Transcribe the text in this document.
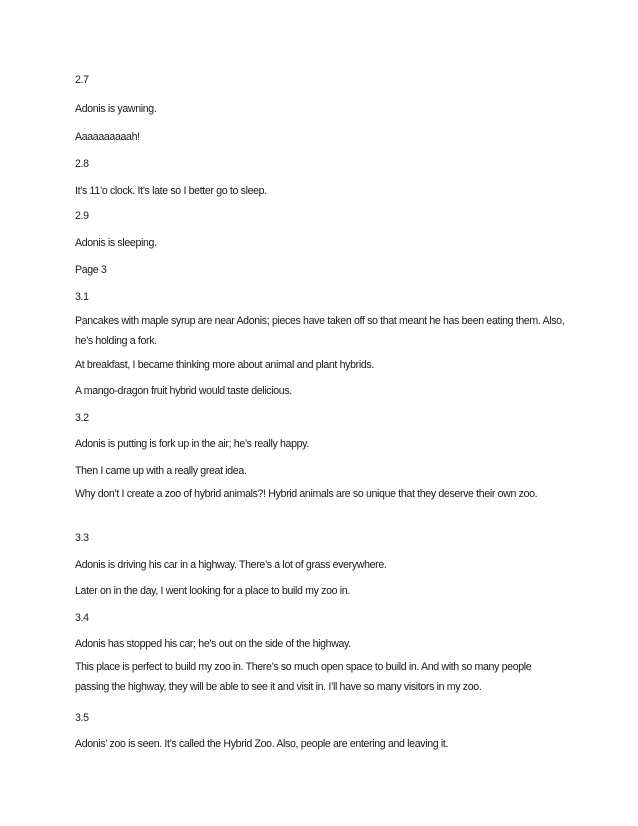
2.7
Adonis is yawning.
Aaaaaaaaaah!
2.8
It’s 11’o clock. It’s late so I better go to sleep.
2.9
Adonis is sleeping.
Page 3
3.1
Pancakes with maple syrup are near Adonis; pieces have taken off so that meant he has been eating them. Also, he’s holding a fork.
At breakfast, I became thinking more about animal and plant hybrids.
A mango-dragon fruit hybrid would taste delicious.
3.2
Adonis is putting is fork up in the air; he’s really happy.
Then I came up with a really great idea.
Why don’t I create a zoo of hybrid animals?! Hybrid animals are so unique that they deserve their own zoo.
3.3
Adonis is driving his car in a highway. There’s a lot of grass everywhere.
Later on in the day, I went looking for a place to build my zoo in.
3.4
Adonis has stopped his car; he’s out on the side of the highway.
This place is perfect to build my zoo in. There’s so much open space to build in. And with so many people passing the highway, they will be able to see it and visit in. I’ll have so many visitors in my zoo.
3.5
Adonis’ zoo is seen. It’s called the Hybrid Zoo. Also, people are entering and leaving it.
